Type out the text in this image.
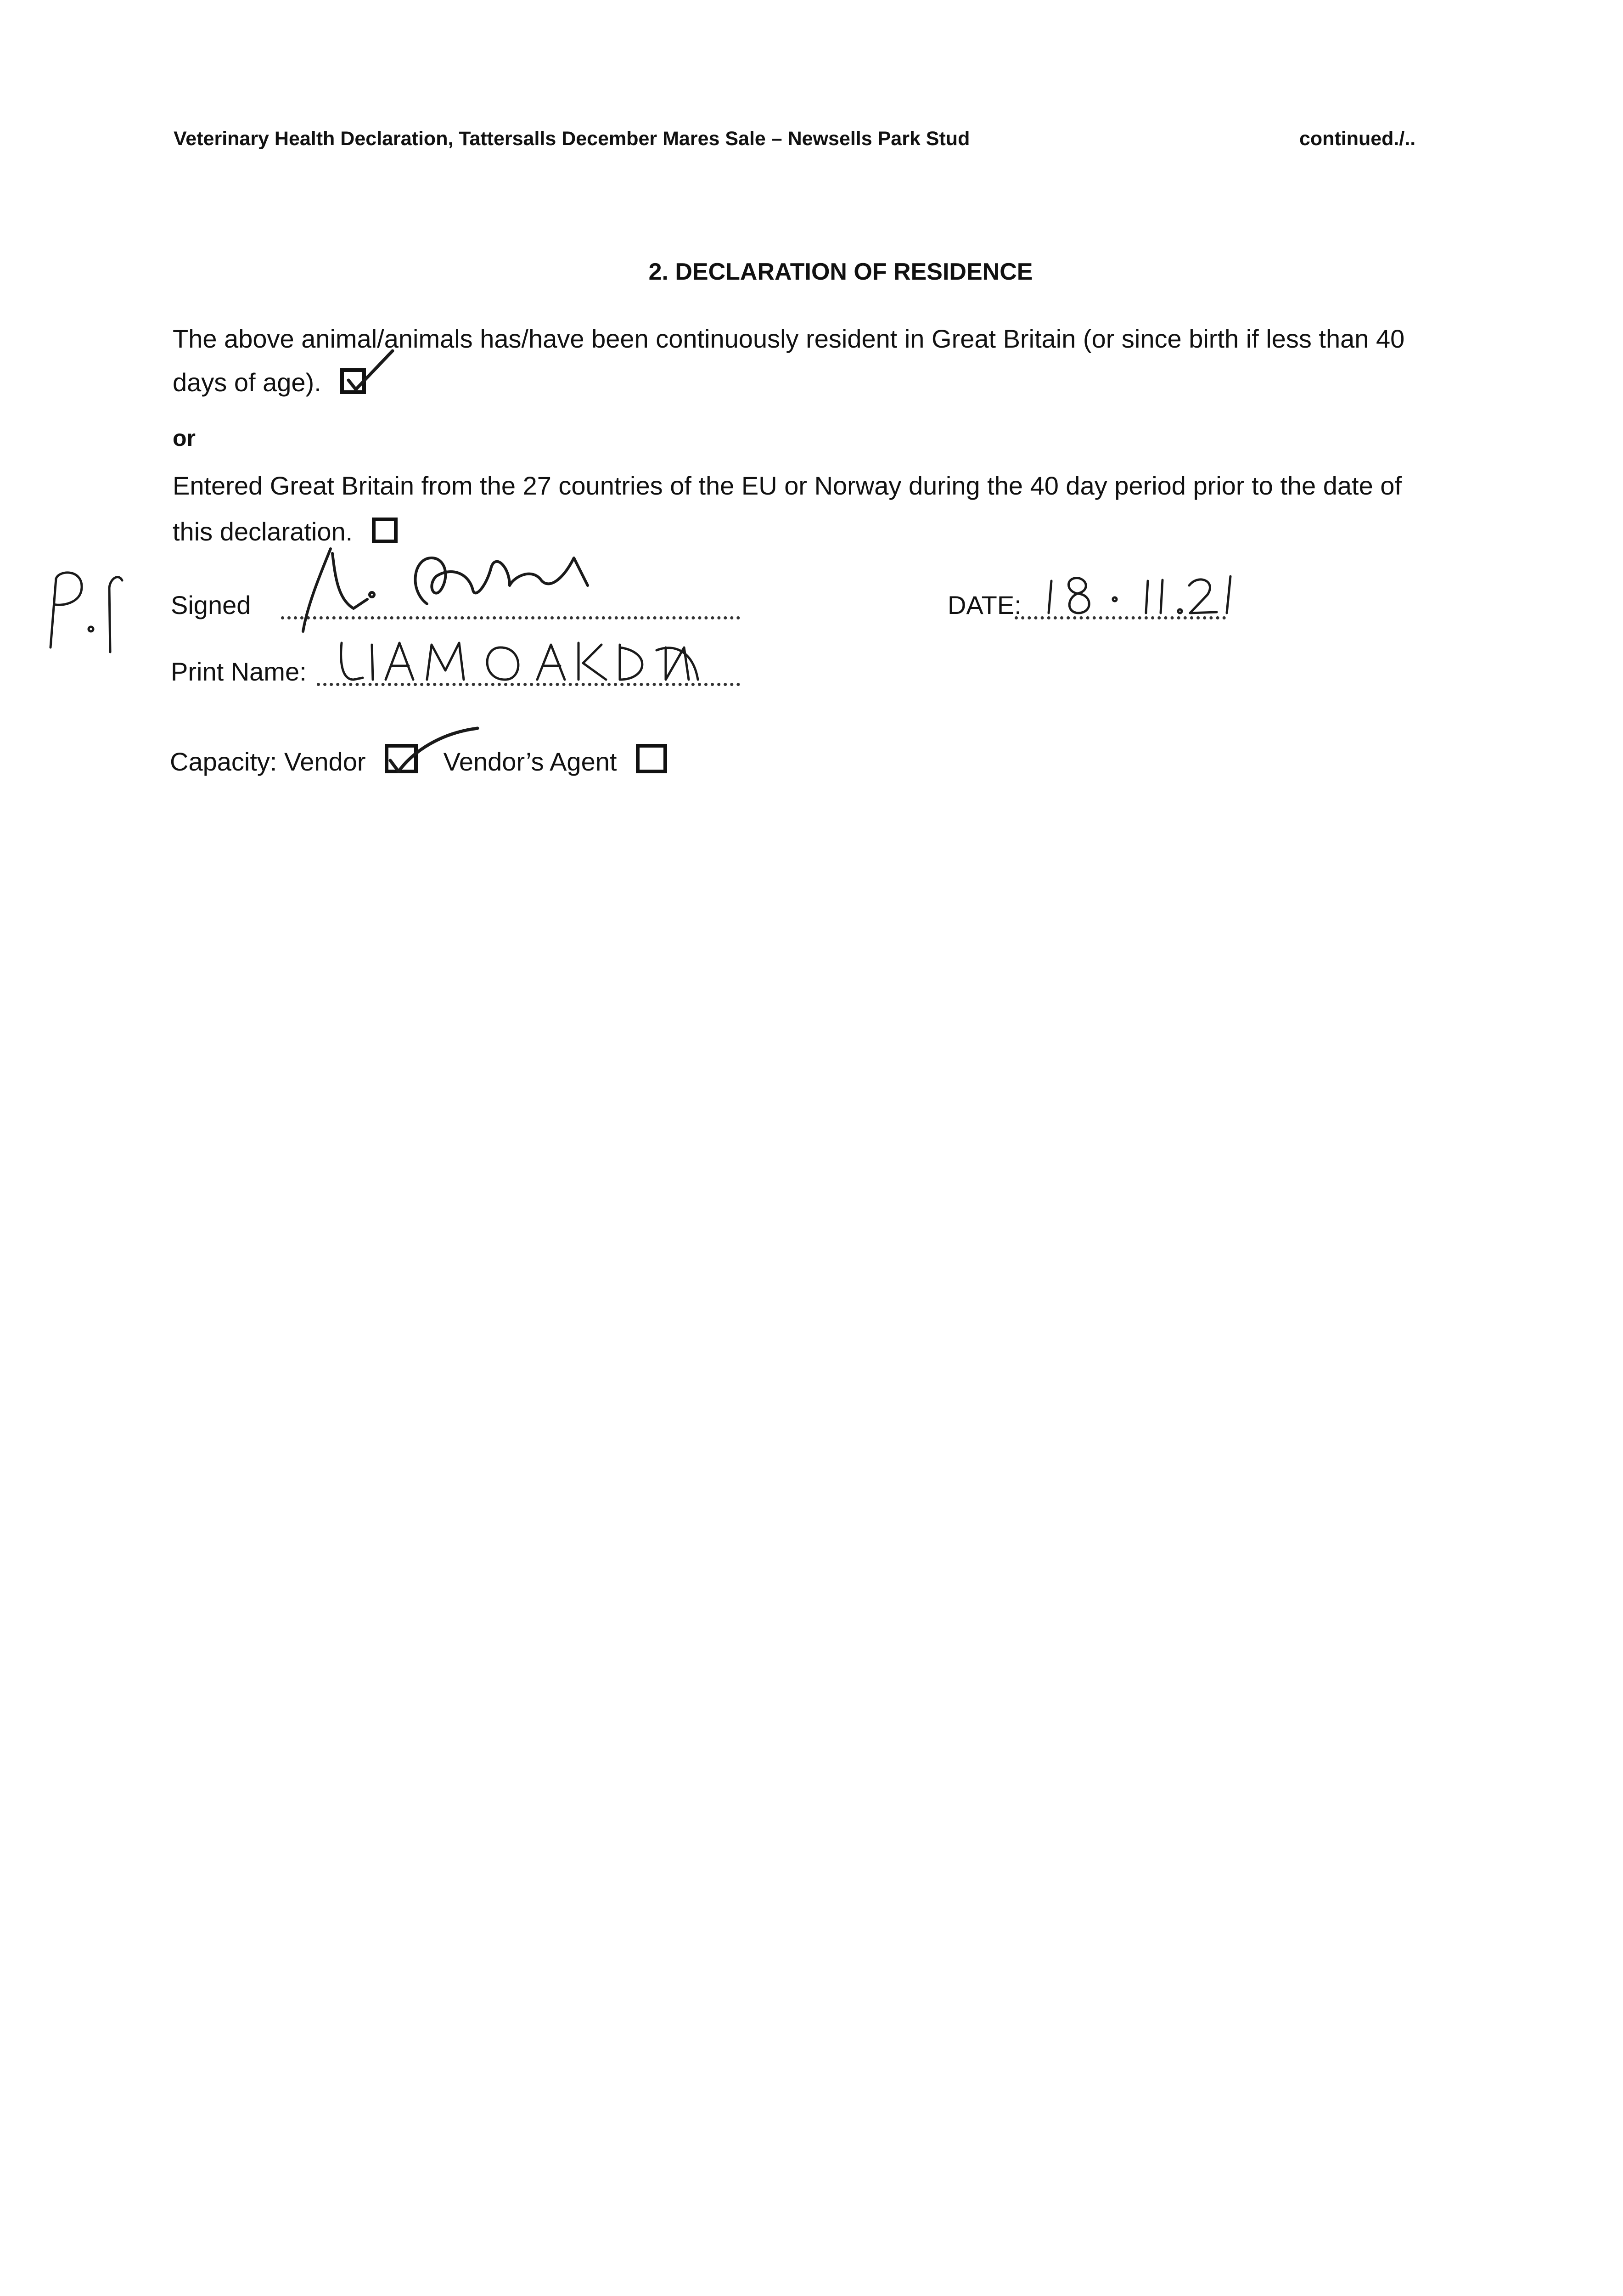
Veterinary Health Declaration, Tattersalls December Mares Sale – Newsells Park Stud	continued./..
2. DECLARATION OF RESIDENCE
The above animal/animals has/have been continuously resident in Great Britain (or since birth if less than 40
days of age).
or
Entered Great Britain from the 27 countries of the EU or Norway during the 40 day period prior to the date of
this declaration.
Signed	DATE:
Print Name:
Capacity: Vendor	Vendor’s Agent
